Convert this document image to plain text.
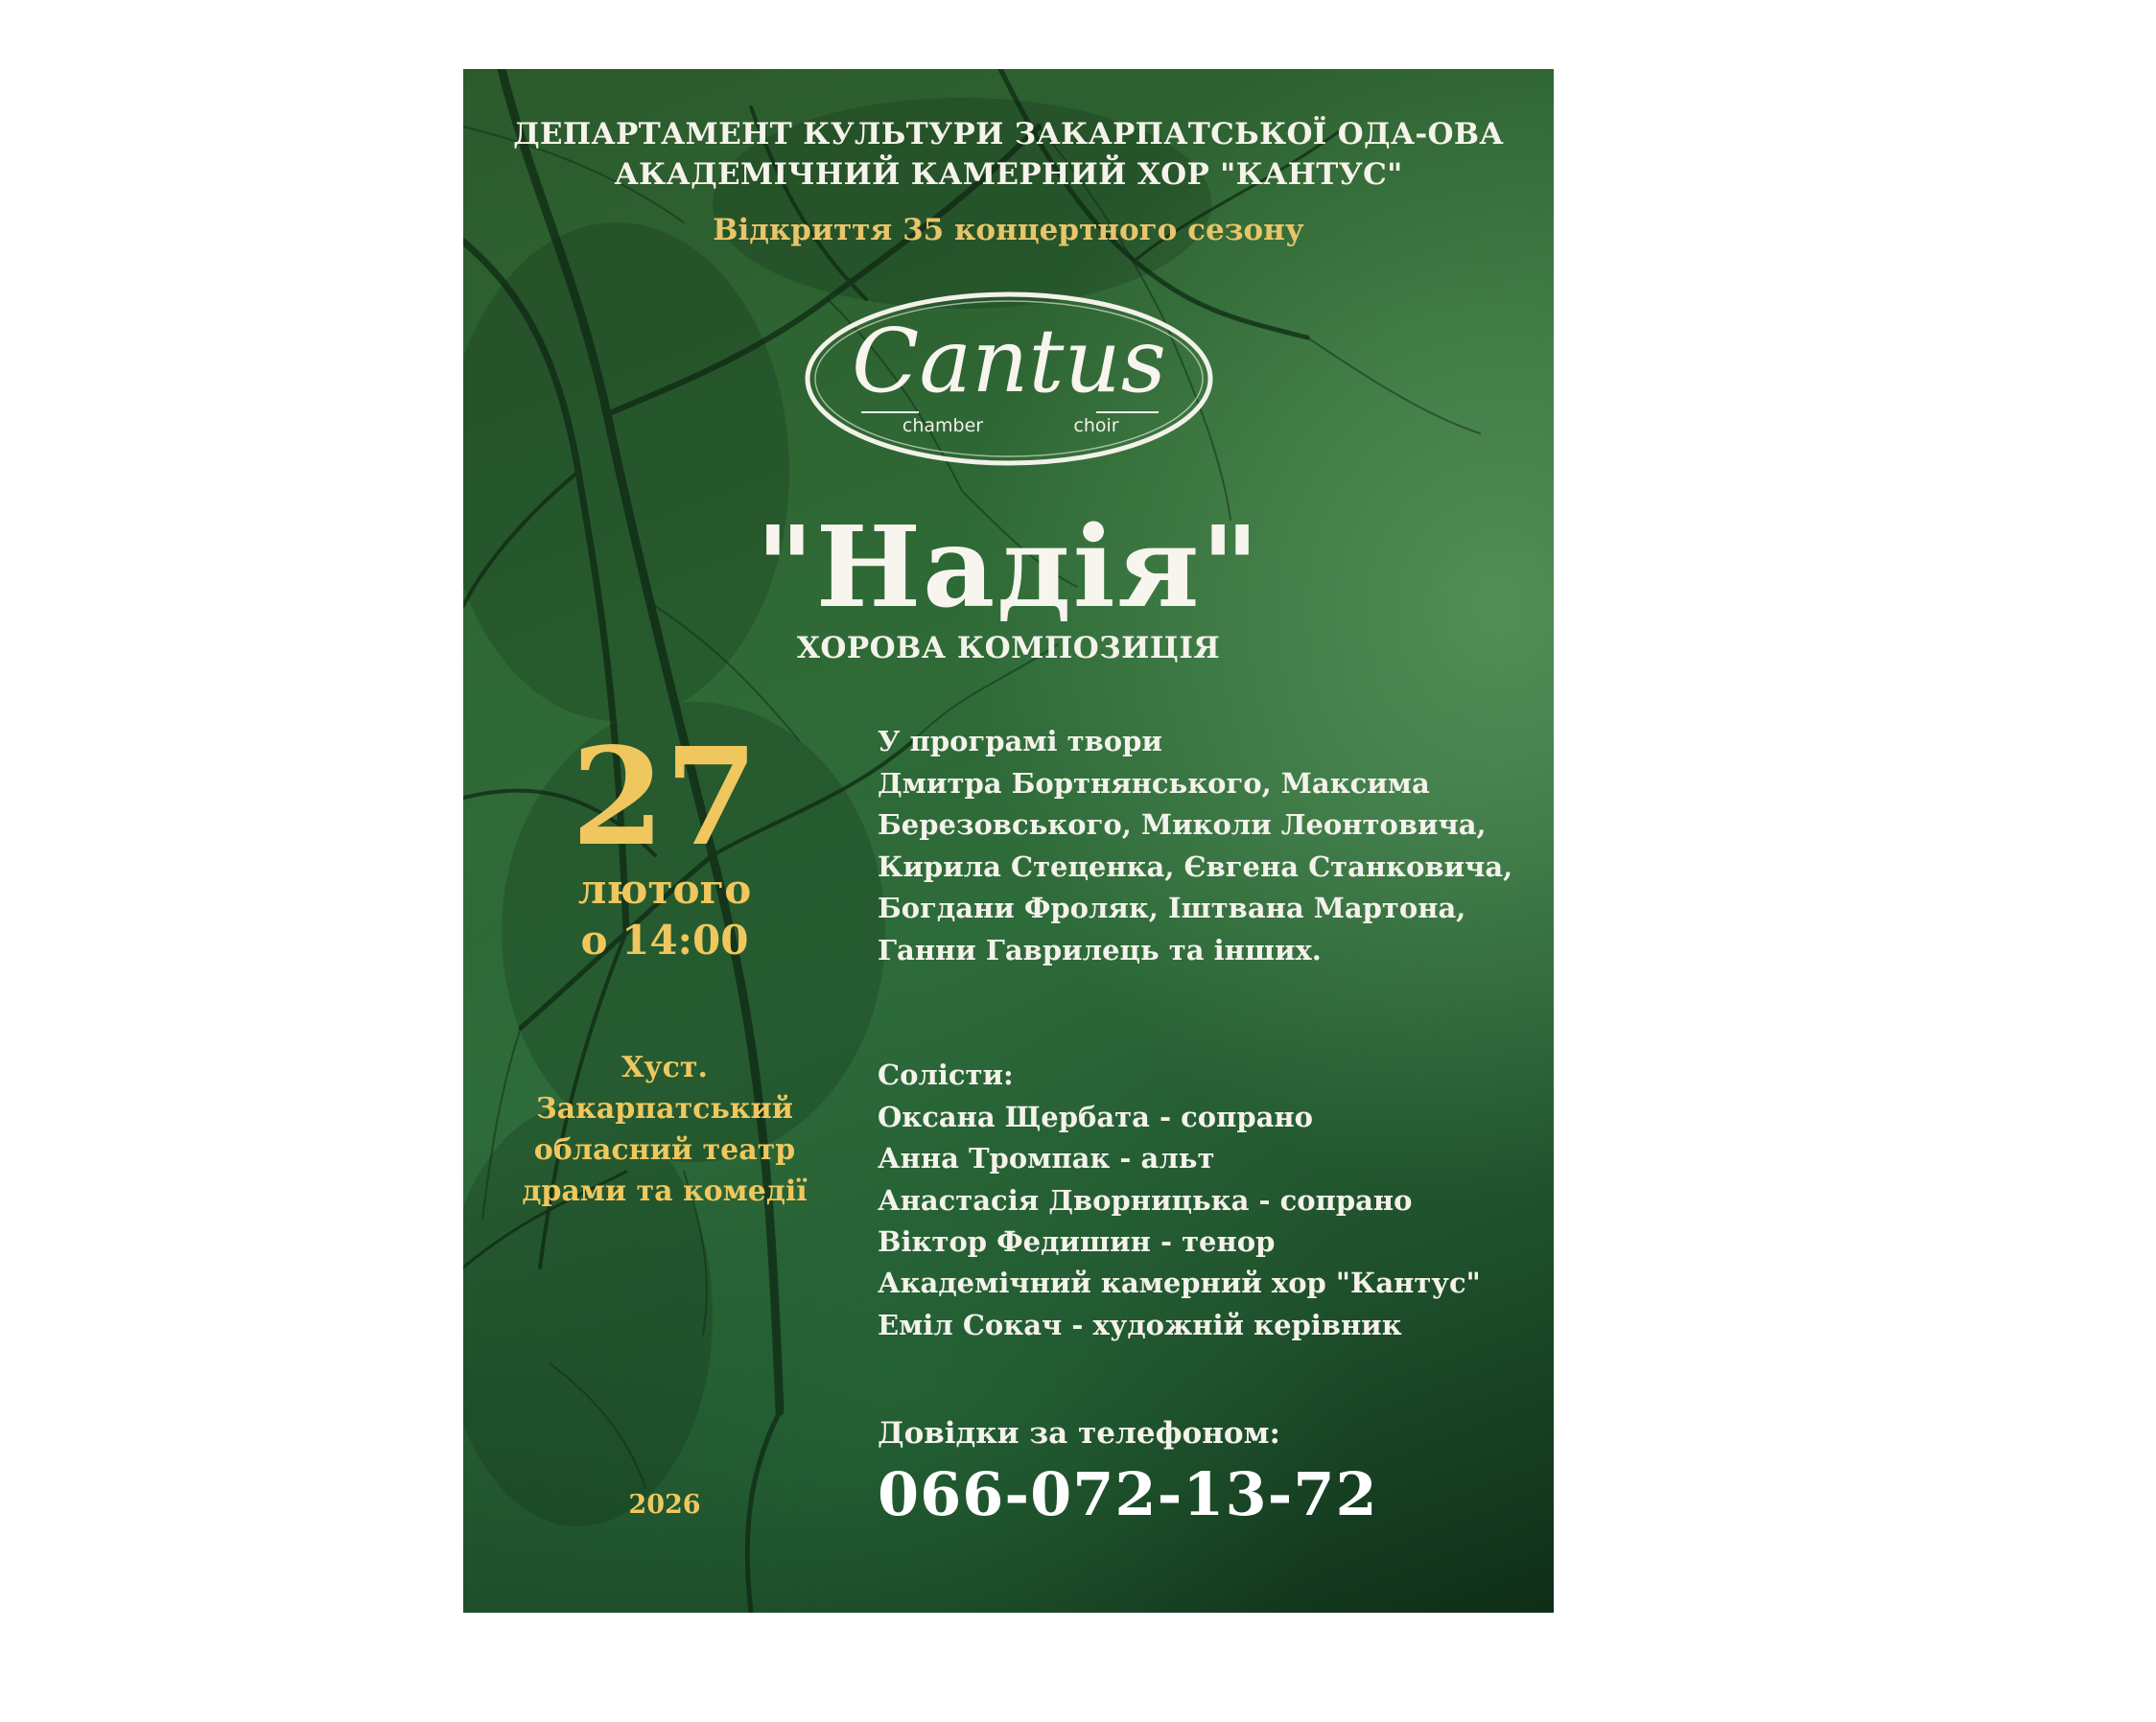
ДЕПАРТАМЕНТ КУЛЬТУРИ ЗАКАРПАТСЬКОЇ ОДА-ОВА

АКАДЕМІЧНИЙ КАМЕРНИЙ ХОР "КАНТУС"

Відкриття 35 концертного сезону

Cantus
chamber	choir

"Надія"

ХОРОВА КОМПОЗИЦІЯ

27
лютого
о 14:00
Хуст.
Закарпатський
обласний театр
драми та комедії
У програмі твори
Дмитра Бортнянського, Максима
Березовського, Миколи Леонтовича,
Кирила Стеценка, Євгена Станковича,
Богдани Фроляк, Іштвана Мартона,
Ганни Гаврилець та інших.
Солісти:
Оксана Щербата - сопрано
Анна Тромпак - альт
Анастасія Дворницька - сопрано
Віктор Федишин - тенор
Академічний камерний хор "Кантус"
Еміл Сокач - художній керівник

Довідки за телефоном:

066-072-13-72

2026
